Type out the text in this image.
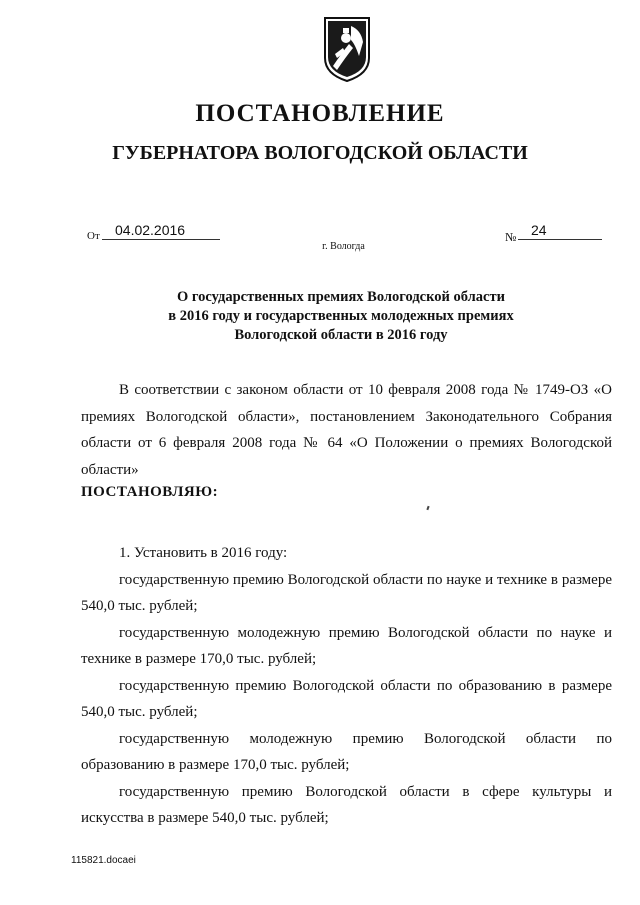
ПОСТАНОВЛЕНИЕ
ГУБЕРНАТОРА ВОЛОГОДСКОЙ ОБЛАСТИ
От	04.02.2016	№	24
г. Вологда
О государственных премиях Вологодской области
в 2016 году и государственных молодежных премиях
Вологодской области в 2016 году

В соответствии с законом области от 10 февраля 2008 года № 1749-ОЗ «О премиях Вологодской области», постановлением Законодательного Собрания области от 6 февраля 2008 года № 64 «О Положении о премиях Вологодской области»

ПОСТАНОВЛЯЮ:

1. Установить в 2016 году:

государственную премию Вологодской области по науке и технике в размере 540,0 тыс. рублей;

государственную молодежную премию Вологодской области по науке и технике в размере 170,0 тыс. рублей;

государственную премию Вологодской области по образованию в размере 540,0 тыс. рублей;

государственную молодежную премию Вологодской области по образованию в размере 170,0 тыс. рублей;

государственную премию Вологодской области в сфере культуры и искусства в размере 540,0 тыс. рублей;

115821.docaei
